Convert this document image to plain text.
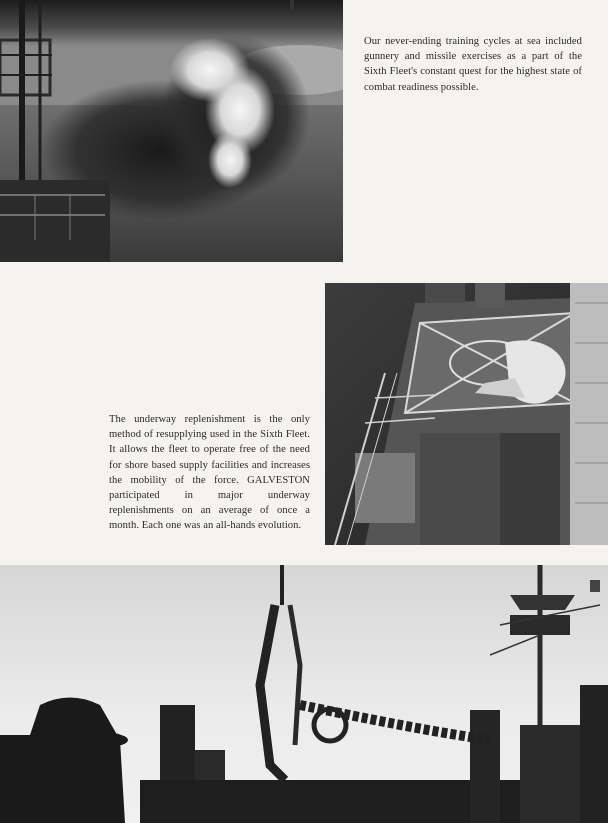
Our never-ending training cycles at sea included gunnery and missile exercises as a part of the Sixth Fleet's constant quest for the highest state of combat readiness possible.

The underway replenishment is the only method of resupplying used in the Sixth Fleet. It allows the fleet to operate free of the need for shore based supply facilities and increases the mobility of the force. GALVESTON participated in major underway replenishments on an average of once a month. Each one was an all-hands evolution.
